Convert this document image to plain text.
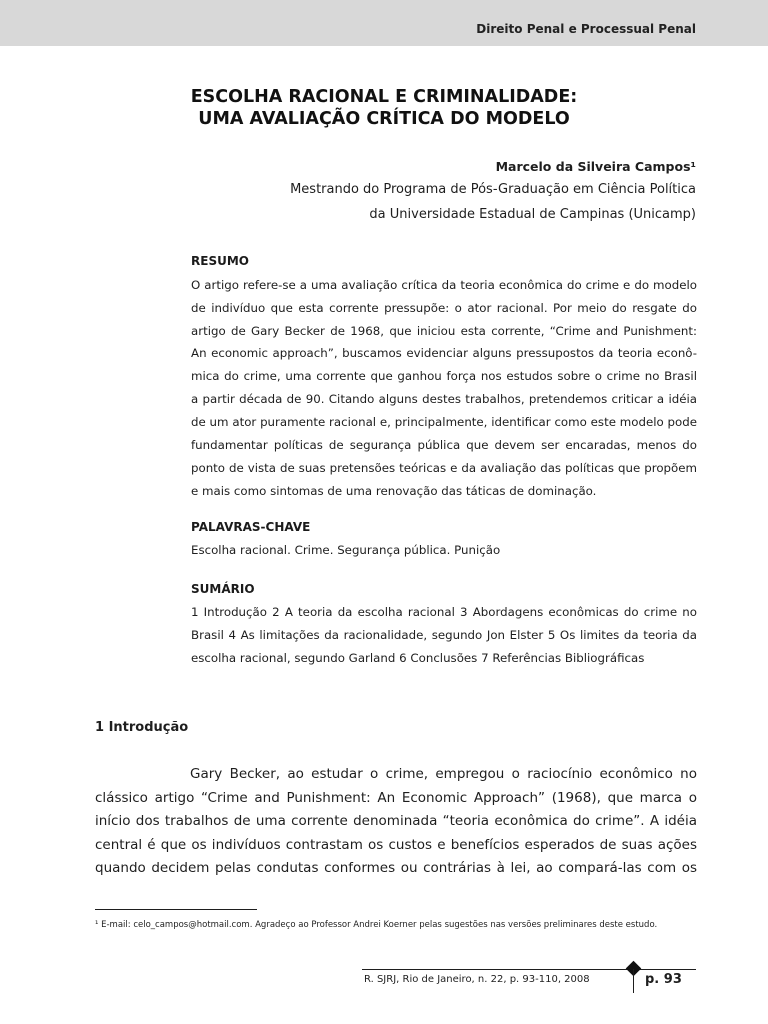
Direito Penal e Processual Penal
ESCOLHA RACIONAL E CRIMINALIDADE:
UMA AVALIAÇÃO CRÍTICA DO MODELO
Marcelo da Silveira Campos¹
Mestrando do Programa de Pós-Graduação em Ciência Política
da Universidade Estadual de Campinas (Unicamp)
RESUMO
O artigo refere-se a uma avaliação crítica da teoria econômica do crime e do modelo
de indivíduo que esta corrente pressupõe: o ator racional. Por meio do resgate do
artigo de Gary Becker de 1968, que iniciou esta corrente, “Crime and Punishment:
An economic approach”, buscamos evidenciar alguns pressupostos da teoria econô-
mica do crime, uma corrente que ganhou força nos estudos sobre o crime no Brasil
a partir década de 90. Citando alguns destes trabalhos, pretendemos criticar a idéia
de um ator puramente racional e, principalmente, identificar como este modelo pode
fundamentar políticas de segurança pública que devem ser encaradas, menos do
ponto de vista de suas pretensões teóricas e da avaliação das políticas que propõem
e mais como sintomas de uma renovação das táticas de dominação.
PALAVRAS-CHAVE
Escolha racional. Crime. Segurança pública. Punição
SUMÁRIO
1 Introdução 2 A teoria da escolha racional 3 Abordagens econômicas do crime no
Brasil 4 As limitações da racionalidade, segundo Jon Elster 5 Os limites da teoria da
escolha racional, segundo Garland 6 Conclusões 7 Referências Bibliográficas
1 Introdução
Gary Becker, ao estudar o crime, empregou o raciocínio econômico no
clássico artigo “Crime and Punishment: An Economic Approach” (1968), que marca o
início dos trabalhos de uma corrente denominada “teoria econômica do crime”. A idéia
central é que os indivíduos contrastam os custos e benefícios esperados de suas ações
quando decidem pelas condutas conformes ou contrárias à lei, ao compará-las com os
¹ E-mail: celo_campos@hotmail.com. Agradeço ao Professor Andrei Koerner pelas sugestões nas versões preliminares deste estudo.
R. SJRJ, Rio de Janeiro, n. 22, p. 93-110, 2008	p. 93
